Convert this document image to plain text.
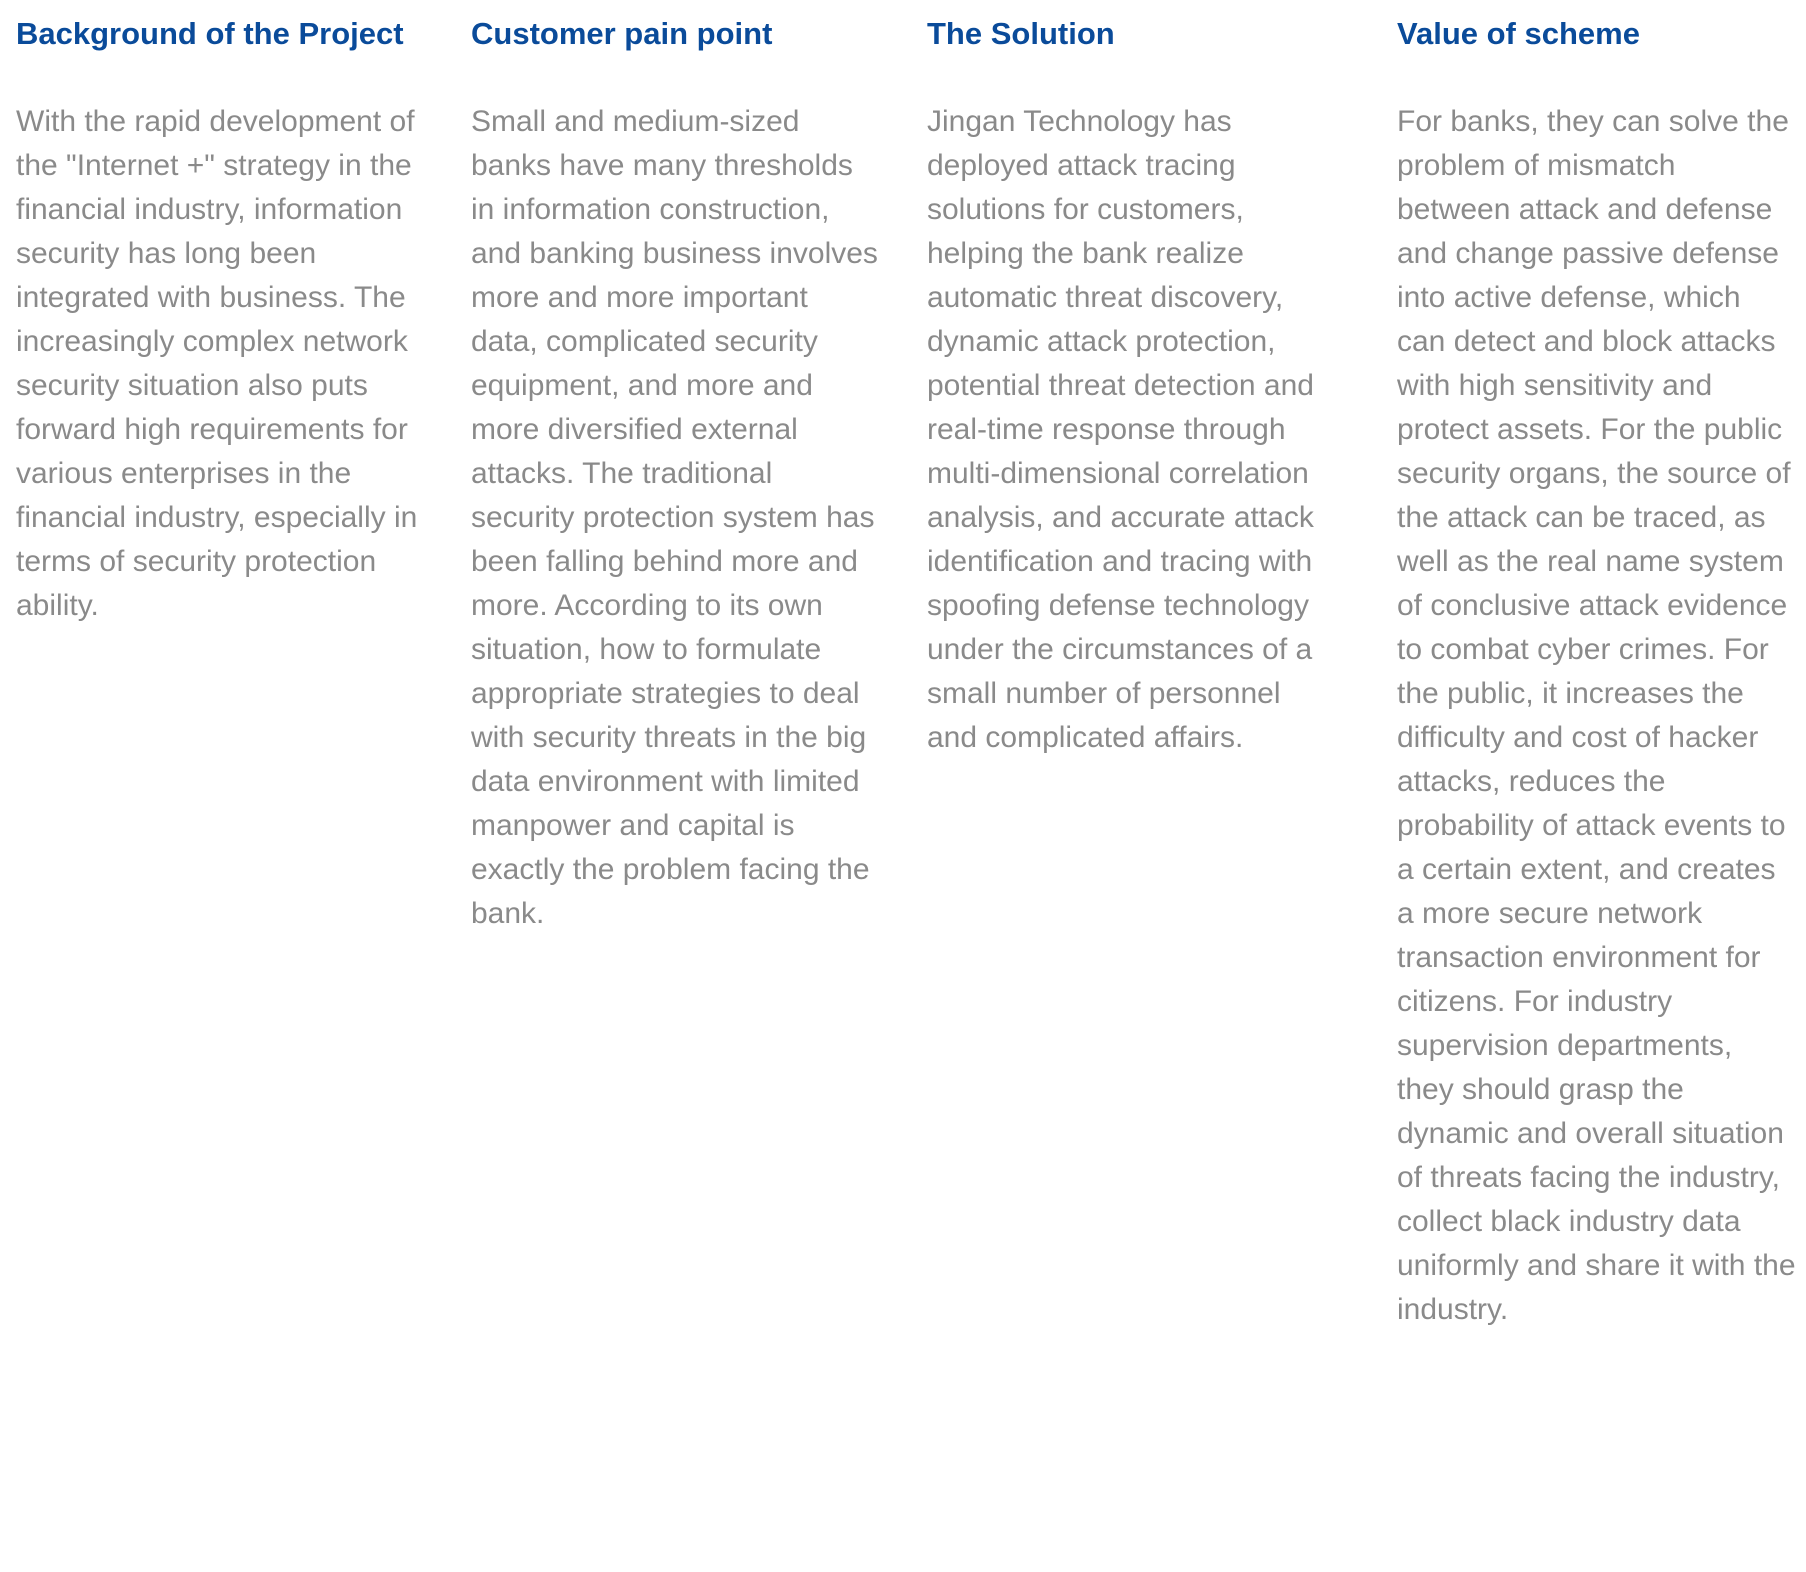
Background of the Project

With the rapid development of the "Internet +" strategy in the financial industry, information security has long been integrated with business. The increasingly complex network security situation also puts forward high requirements for various enterprises in the financial industry, especially in terms of security protection ability.

Customer pain point

Small and medium-sized banks have many thresholds in information construction, and banking business involves more and more important data, complicated security equipment, and more and more diversified external attacks. The traditional security protection system has been falling behind more and more. According to its own situation, how to formulate appropriate strategies to deal with security threats in the big data environment with limited manpower and capital is exactly the problem facing the bank.

The Solution

Jingan Technology has deployed attack tracing solutions for customers, helping the bank realize automatic threat discovery, dynamic attack protection, potential threat detection and real-time response through multi-dimensional correlation analysis, and accurate attack identification and tracing with spoofing defense technology under the circumstances of a small number of personnel and complicated affairs.

Value of scheme

For banks, they can solve the problem of mismatch between attack and defense and change passive defense into active defense, which can detect and block attacks with high sensitivity and protect assets. For the public security organs, the source of the attack can be traced, as well as the real name system of conclusive attack evidence to combat cyber crimes. For the public, it increases the difficulty and cost of hacker attacks, reduces the probability of attack events to a certain extent, and creates a more secure network transaction environment for citizens. For industry supervision departments, they should grasp the dynamic and overall situation of threats facing the industry, collect black industry data uniformly and share it with the industry.
